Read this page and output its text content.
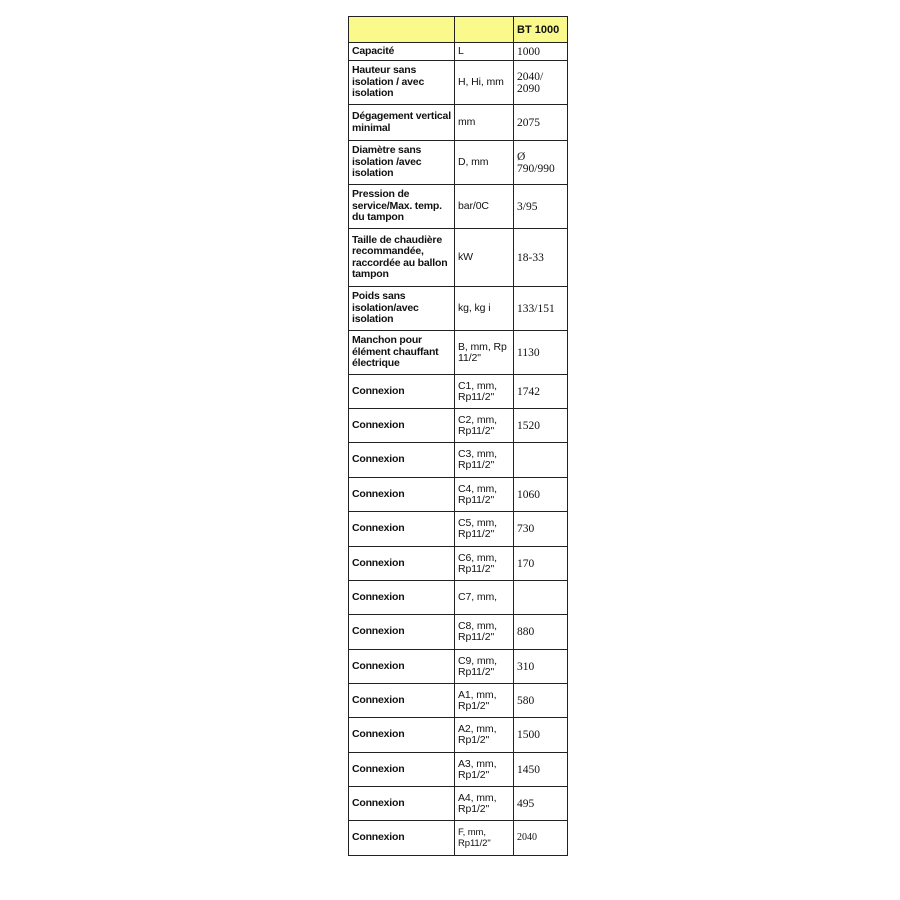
		BT 1000
Capacité	L	1000
Hauteur sans isolation / avec isolation	H, Hi, mm	2040/ 2090
Dégagement vertical minimal	mm	2075
Diamètre sans isolation /avec isolation	D, mm	Ø 790/990
Pression de service/Max. temp. du tampon	bar/0C	3/95
Taille de chaudière recommandée, raccordée au ballon tampon	kW	18-33
Poids sans isolation/avec isolation	kg, kg i	133/151
Manchon pour élément chauffant électrique	B, mm, Rp 11/2"	1130
Connexion	C1, mm, Rp11/2"	1742
Connexion	C2, mm, Rp11/2"	1520
Connexion	C3, mm, Rp11/2"	
Connexion	C4, mm, Rp11/2"	1060
Connexion	C5, mm, Rp11/2"	730
Connexion	C6, mm, Rp11/2"	170
Connexion	C7, mm,	
Connexion	C8, mm, Rp11/2"	880
Connexion	C9, mm, Rp11/2"	310
Connexion	A1, mm, Rp1/2"	580
Connexion	A2, mm, Rp1/2"	1500
Connexion	A3, mm, Rp1/2"	1450
Connexion	A4, mm, Rp1/2"	495
Connexion	F, mm, Rp11/2"	2040
